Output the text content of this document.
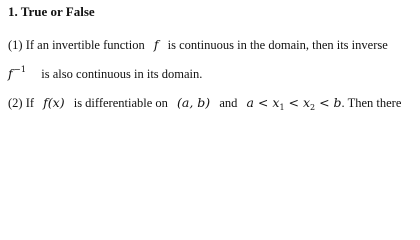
1. True or False
(1) If an invertible function f is continuous in the domain, then its inverse
$f^{-1}$ is also continuous in its domain.
(2) If f(x) is differentiable on (a, b) and $a < x_1 < x_2 < b$. Then there
